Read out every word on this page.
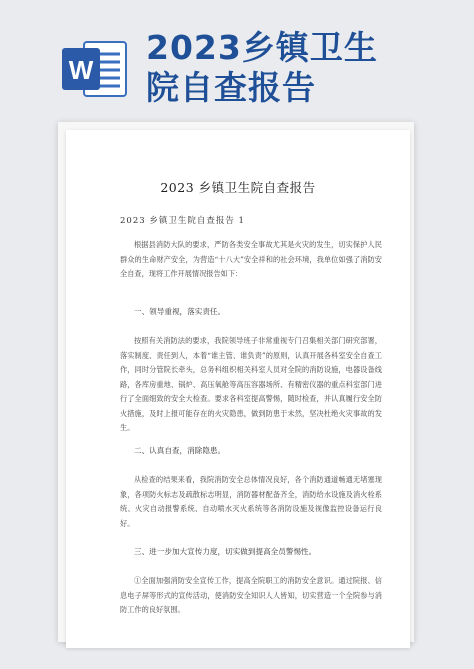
W
2023乡镇卫生
院自查报告
2023 乡镇卫生院自查报告
2023 乡镇卫生院自查报告 1
根据县消防大队的要求，严防各类安全事故尤其是火灾的发生，切实保护人民群众的生命财产安全，为营造“十八大”安全祥和的社会环境，我单位如强了消防安全自查，现将工作开展情况报告如下：
一、领导重视，落实责任。
按照有关消防法的要求，我院领导班子非常重视专门召集相关部门研究部署，落实制度、责任到人，本着“谁主管、谁负责”的原则，认真开展各科室安全自查工作，同时分管院长牵头，总务科组织相关科室人员对全院的消防设施，电器设备线路，各库房重地、锅炉、高压氧舱等高压容器场所、有精密仪器的重点科室部门进行了全面细致的安全大检查。要求各科室提高警惕，随时检查，并认真履行安全防火措施，及时上报可能存在的火灾隐患，做到防患于未然，坚决杜绝火灾事故的发生。
二、认真自查，消除隐患。
从检查的结果来看，我院消防安全总体情况良好，各个消防通道畅通无堵塞现象，各项防火标志及疏散标志明显，消防器材配备齐全，消防给水设施及消火栓系统、火灾自动报警系统、自动喷水灭火系统等各消防设施及视像监控设备运行良好。
三、进一步加大宣传力度，切实做到提高全员警惕性。
①全面加强消防安全宣传工作，提高全院职工的消防安全意识。通过院报、信息电子屏等形式的宣传活动，使消防安全知识人人皆知，切实营造一个全院参与消防工作的良好氛围。
